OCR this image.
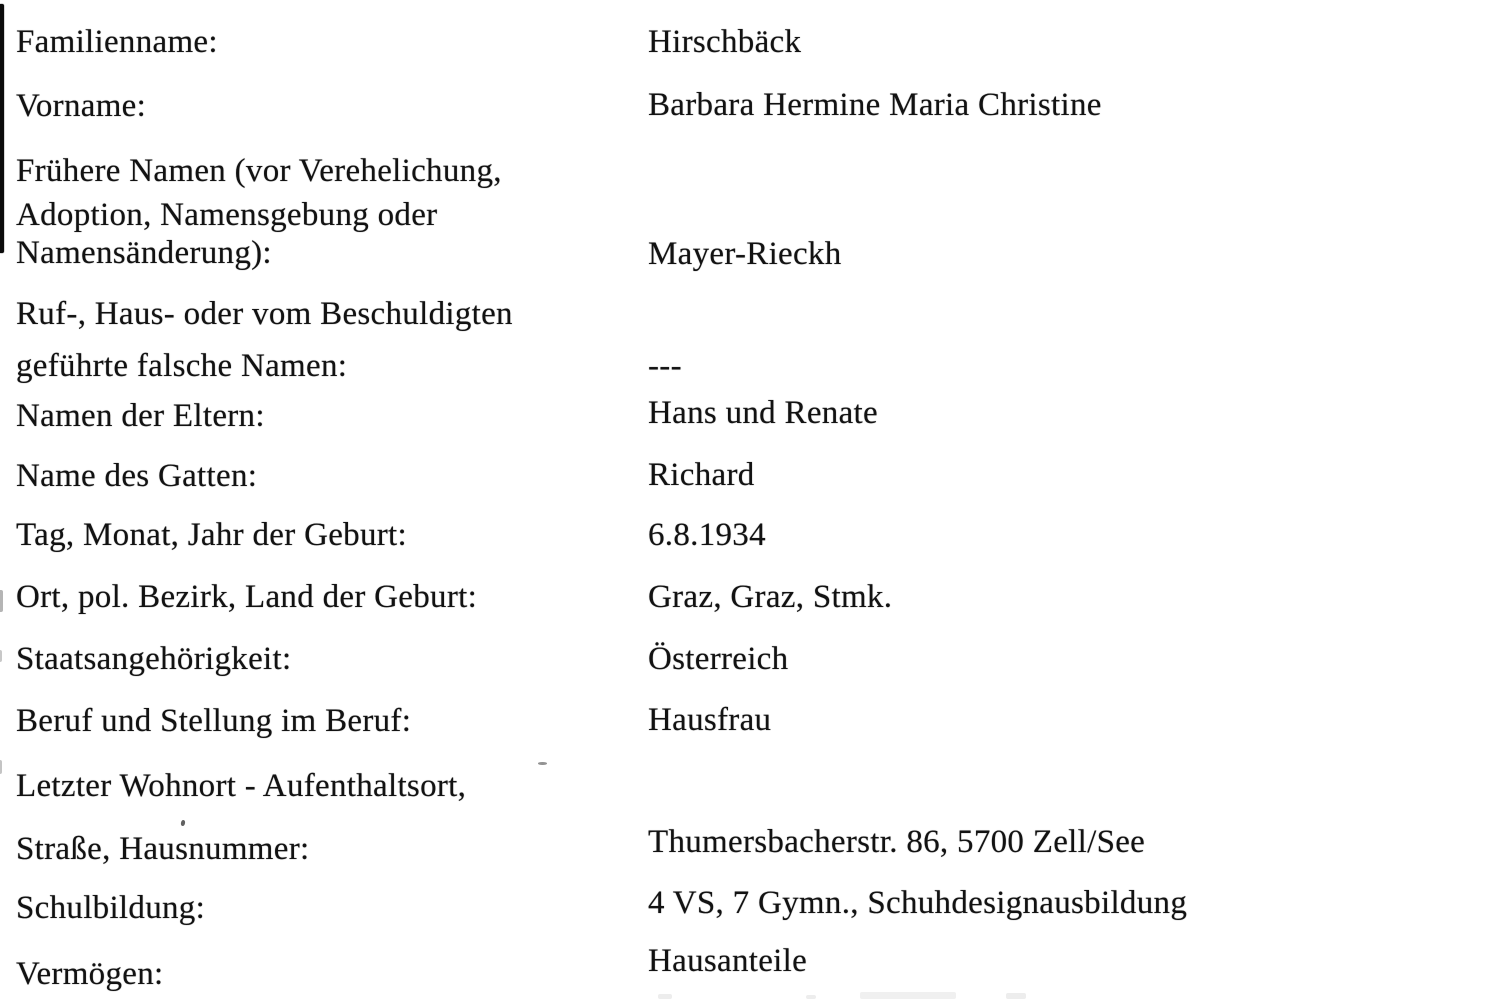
Familienname:
Vorname:
Frühere Namen (vor Verehelichung,
Adoption, Namensgebung oder
Namensänderung):
Ruf-, Haus- oder vom Beschuldigten
geführte falsche Namen:
Namen der Eltern:
Name des Gatten:
Tag, Monat, Jahr der Geburt:
Ort, pol. Bezirk, Land der Geburt:
Staatsangehörigkeit:
Beruf und Stellung im Beruf:
Letzter Wohnort - Aufenthaltsort,
Straße, Hausnummer:
Schulbildung:
Vermögen:
Hirschbäck
Barbara Hermine Maria Christine
Mayer-Rieckh
---
Hans und Renate
Richard
6.8.1934
Graz, Graz, Stmk.
Österreich
Hausfrau
Thumersbacherstr. 86, 5700 Zell/See
4 VS, 7 Gymn., Schuhdesignausbildung
Hausanteile
